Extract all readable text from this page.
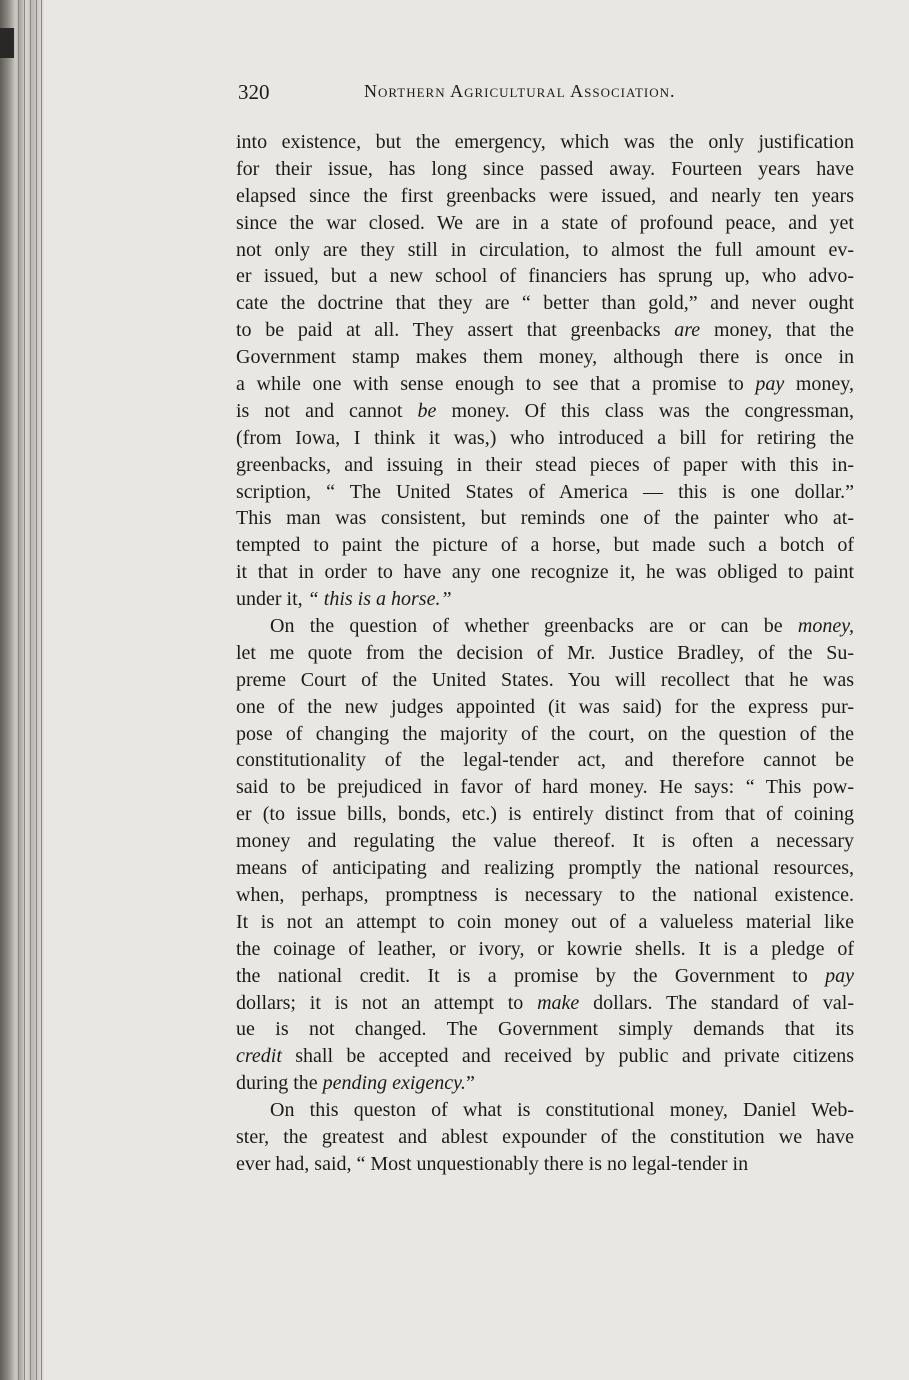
320	Northern Agricultural Association.
into existence, but the emergency, which was the only justification
for their issue, has long since passed away. Fourteen years have
elapsed since the first greenbacks were issued, and nearly ten years
since the war closed. We are in a state of profound peace, and yet
not only are they still in circulation, to almost the full amount ev-
er issued, but a new school of financiers has sprung up, who advo-
cate the doctrine that they are “ better than gold,” and never ought
to be paid at all. They assert that greenbacks are money, that the
Government stamp makes them money, although there is once in
a while one with sense enough to see that a promise to pay money,
is not and cannot be money. Of this class was the congressman,
(from Iowa, I think it was,) who introduced a bill for retiring the
greenbacks, and issuing in their stead pieces of paper with this in-
scription, “ The United States of America — this is one dollar.”
This man was consistent, but reminds one of the painter who at-
tempted to paint the picture of a horse, but made such a botch of
it that in order to have any one recognize it, he was obliged to paint
under it, “ this is a horse.”
On the question of whether greenbacks are or can be money,
let me quote from the decision of Mr. Justice Bradley, of the Su-
preme Court of the United States. You will recollect that he was
one of the new judges appointed (it was said) for the express pur-
pose of changing the majority of the court, on the question of the
constitutionality of the legal-tender act, and therefore cannot be
said to be prejudiced in favor of hard money. He says: “ This pow-
er (to issue bills, bonds, etc.) is entirely distinct from that of coining
money and regulating the value thereof. It is often a necessary
means of anticipating and realizing promptly the national resources,
when, perhaps, promptness is necessary to the national existence.
It is not an attempt to coin money out of a valueless material like
the coinage of leather, or ivory, or kowrie shells. It is a pledge of
the national credit. It is a promise by the Government to pay
dollars; it is not an attempt to make dollars. The standard of val-
ue is not changed. The Government simply demands that its
credit shall be accepted and received by public and private citizens
during the pending exigency.”
On this queston of what is constitutional money, Daniel Web-
ster, the greatest and ablest expounder of the constitution we have
ever had, said, “ Most unquestionably there is no legal-tender in
